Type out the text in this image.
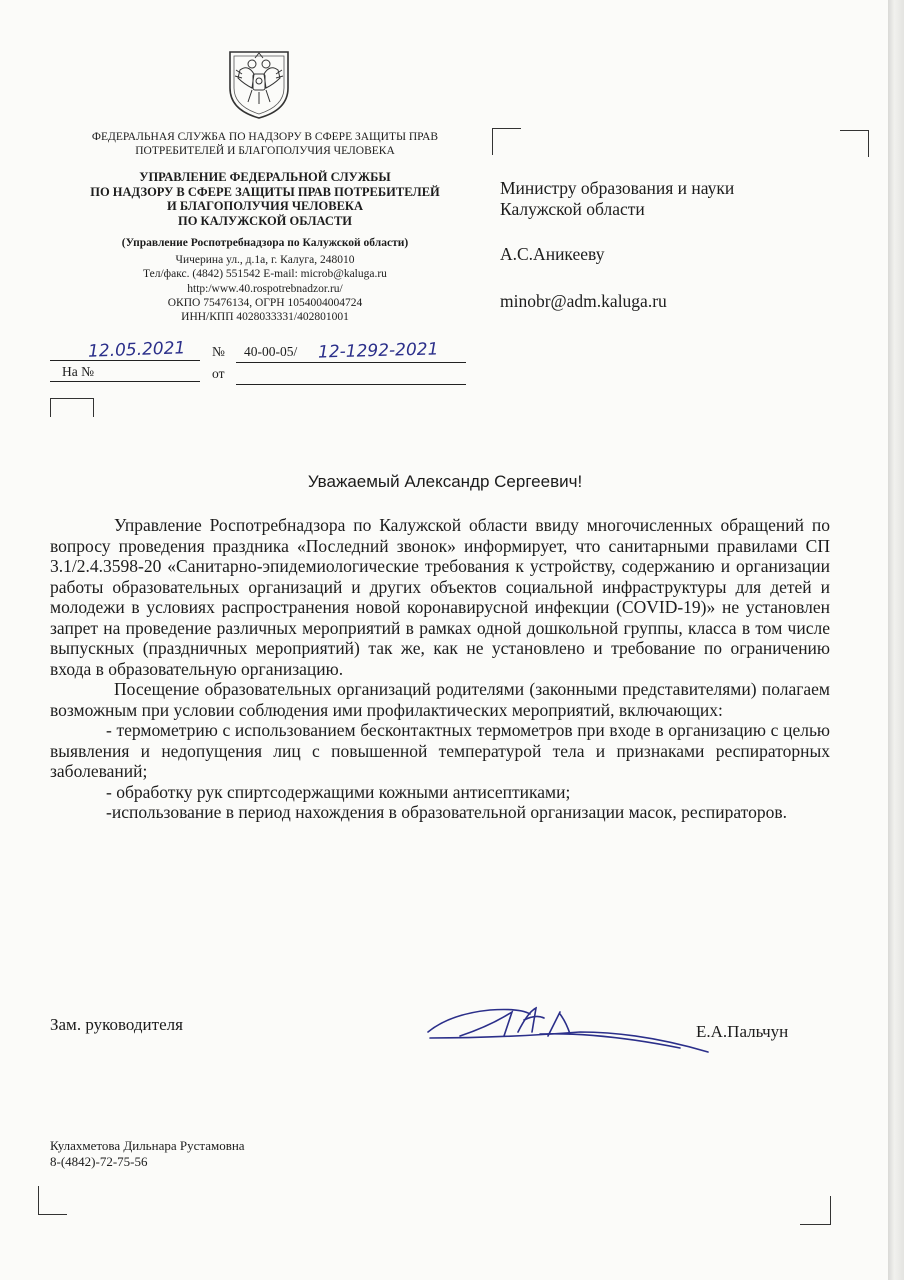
ФЕДЕРАЛЬНАЯ СЛУЖБА ПО НАДЗОРУ В СФЕРЕ ЗАЩИТЫ ПРАВ
ПОТРЕБИТЕЛЕЙ И БЛАГОПОЛУЧИЯ ЧЕЛОВЕКА
УПРАВЛЕНИЕ ФЕДЕРАЛЬНОЙ СЛУЖБЫ
ПО НАДЗОРУ В СФЕРЕ ЗАЩИТЫ ПРАВ ПОТРЕБИТЕЛЕЙ
И БЛАГОПОЛУЧИЯ ЧЕЛОВЕКА
ПО КАЛУЖСКОЙ ОБЛАСТИ
(Управление Роспотребнадзора по Калужской области)
Чичерина ул., д.1а, г. Калуга, 248010
Тел/факс. (4842) 551542 E-mail: microb@kaluga.ru
http:/www.40.rospotrebnadzor.ru/
ОКПО 75476134, ОГРН 1054004004724
ИНН/КПП 4028033331/402801001
12.05.2021 № 40-00-05/ 12-1292-2021
На №	от
Министру образования и науки
Калужской области
А.С.Аникееву
minobr@adm.kaluga.ru
Уважаемый Александр Сергеевич!

Управление Роспотребнадзора по Калужской области ввиду многочисленных обращений по вопросу проведения праздника «Последний звонок» информирует, что санитарными правилами СП 3.1/2.4.3598-20 «Санитарно-эпидемиологические требования к устройству, содержанию и организации работы образовательных организаций и других объектов социальной инфраструктуры для детей и молодежи в условиях распространения новой коронавирусной инфекции (COVID-19)» не установлен запрет на проведение различных мероприятий в рамках одной дошкольной группы, класса в том числе выпускных (праздничных мероприятий) так же, как не установлено и требование по ограничению входа в образовательную организацию.

Посещение образовательных организаций родителями (законными представителями) полагаем возможным при условии соблюдения ими профилактических мероприятий, включающих:

- термометрию с использованием бесконтактных термометров при входе в организацию с целью выявления и недопущения лиц с повышенной температурой тела и признаками респираторных заболеваний;

- обработку рук спиртсодержащими кожными антисептиками;

-использование в период нахождения в образовательной организации масок, респираторов.

Зам. руководителя	Е.А.Пальчун
Кулахметова Дильнара Рустамовна
8-(4842)-72-75-56
